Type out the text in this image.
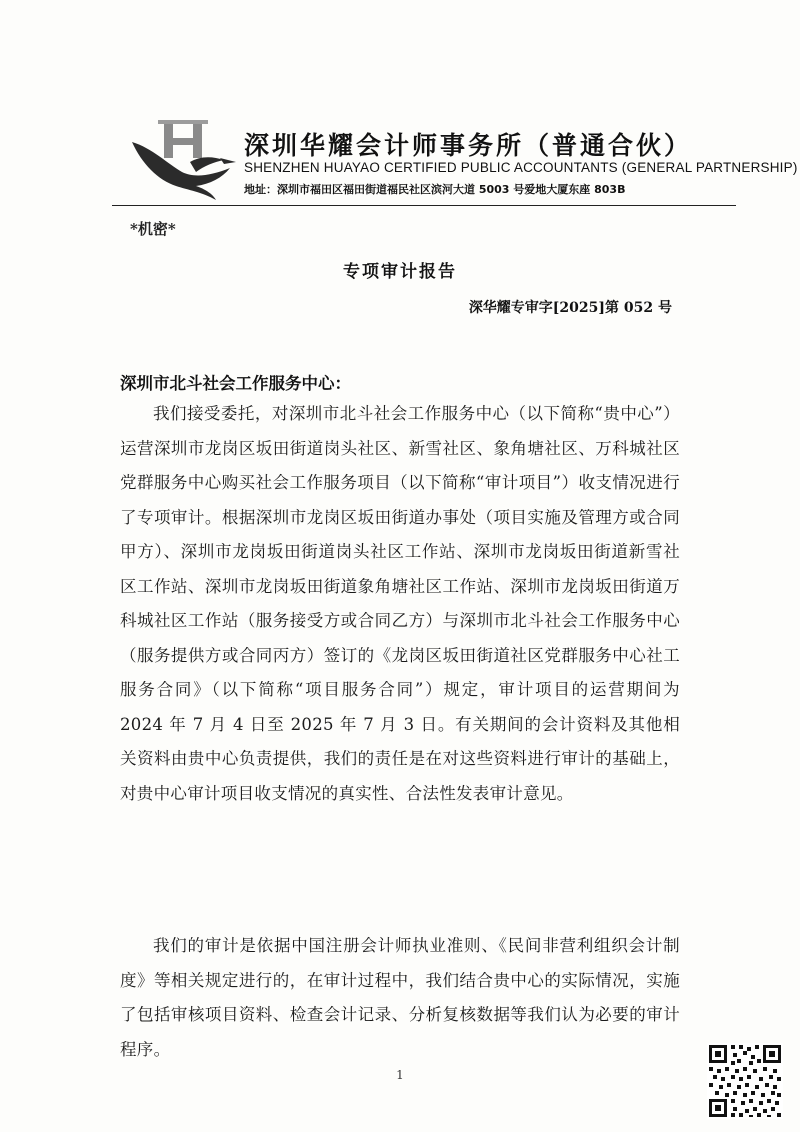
深圳华耀会计师事务所（普通合伙）
SHENZHEN HUAYAO CERTIFIED PUBLIC ACCOUNTANTS (GENERAL PARTNERSHIP)
地址：深圳市福田区福田街道福民社区滨河大道 5003 号爱地大厦东座 803B
*机密*
专项审计报告
深华耀专审字[2025]第 052 号
深圳市北斗社会工作服务中心：
我们接受委托，对深圳市北斗社会工作服务中心（以下简称“贵中心”） 运营深圳市龙岗区坂田街道岗头社区、新雪社区、象角塘社区、万科城社区党群服务中心购买社会工作服务项目（以下简称“审计项目”）收支情况进行了专项审计。根据深圳市龙岗区坂田街道办事处（项目实施及管理方或合同甲方）、深圳市龙岗坂田街道岗头社区工作站、深圳市龙岗坂田街道新雪社区工作站、深圳市龙岗坂田街道象角塘社区工作站、深圳市龙岗坂田街道万科城社区工作站（服务接受方或合同乙方）与深圳市北斗社会工作服务中心（服务提供方或合同丙方）签订的《龙岗区坂田街道社区党群服务中心社工服务合同》（以下简称“项目服务合同”）规定，审计项目的运营期间为 2024 年 7 月 4 日至 2025 年 7 月 3 日。有关期间的会计资料及其他相关资料由贵中心负责提供，我们的责任是在对这些资料进行审计的基础上，对贵中心审计项目收支情况的真实性、合法性发表审计意见。
我们的审计是依据中国注册会计师执业准则、《民间非营利组织会计制度》等相关规定进行的，在审计过程中，我们结合贵中心的实际情况，实施了包括审核项目资料、检查会计记录、分析复核数据等我们认为必要的审计程序。
1
